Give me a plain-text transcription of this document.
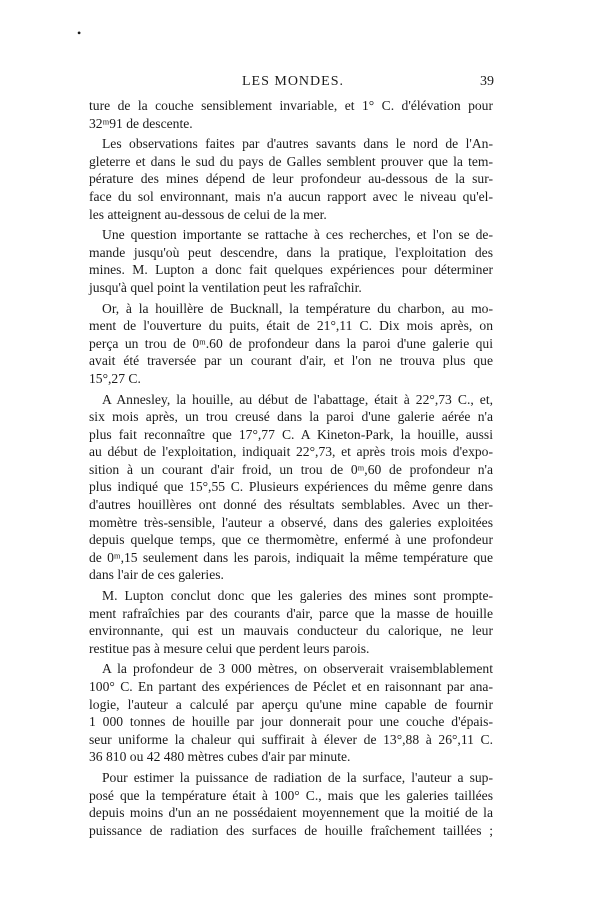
•
LES MONDES.	39
ture de la couche sensiblement invariable, et 1° C. d'élévation pour
32ᵐ91 de descente.
Les observations faites par d'autres savants dans le nord de l'An-
gleterre et dans le sud du pays de Galles semblent prouver que la tem-
pérature des mines dépend de leur profondeur au-dessous de la sur-
face du sol environnant, mais n'a aucun rapport avec le niveau qu'el-
les atteignent au-dessous de celui de la mer.
Une question importante se rattache à ces recherches, et l'on se de-
mande jusqu'où peut descendre, dans la pratique, l'exploitation des
mines. M. Lupton a donc fait quelques expériences pour déterminer
jusqu'à quel point la ventilation peut les rafraîchir.
Or, à la houillère de Bucknall, la température du charbon, au mo-
ment de l'ouverture du puits, était de 21°,11 C. Dix mois après, on
perça un trou de 0ᵐ.60 de profondeur dans la paroi d'une galerie qui
avait été traversée par un courant d'air, et l'on ne trouva plus que
15°,27 C.
A Annesley, la houille, au début de l'abattage, était à 22°,73 C., et,
six mois après, un trou creusé dans la paroi d'une galerie aérée n'a
plus fait reconnaître que 17°,77 C. A Kineton-Park, la houille, aussi
au début de l'exploitation, indiquait 22°,73, et après trois mois d'expo-
sition à un courant d'air froid, un trou de 0ᵐ,60 de profondeur n'a
plus indiqué que 15°,55 C. Plusieurs expériences du même genre dans
d'autres houillères ont donné des résultats semblables. Avec un ther-
momètre très-sensible, l'auteur a observé, dans des galeries exploitées
depuis quelque temps, que ce thermomètre, enfermé à une profondeur
de 0ᵐ,15 seulement dans les parois, indiquait la même température que
dans l'air de ces galeries.
M. Lupton conclut donc que les galeries des mines sont prompte-
ment rafraîchies par des courants d'air, parce que la masse de houille
environnante, qui est un mauvais conducteur du calorique, ne leur
restitue pas à mesure celui que perdent leurs parois.
A la profondeur de 3 000 mètres, on observerait vraisemblablement
100° C. En partant des expériences de Péclet et en raisonnant par ana-
logie, l'auteur a calculé par aperçu qu'une mine capable de fournir
1 000 tonnes de houille par jour donnerait pour une couche d'épais-
seur uniforme la chaleur qui suffirait à élever de 13°,88 à 26°,11 C.
36 810 ou 42 480 mètres cubes d'air par minute.
Pour estimer la puissance de radiation de la surface, l'auteur a sup-
posé que la température était à 100° C., mais que les galeries taillées
depuis moins d'un an ne possédaient moyennement que la moitié de la
puissance de radiation des surfaces de houille fraîchement taillées ;
